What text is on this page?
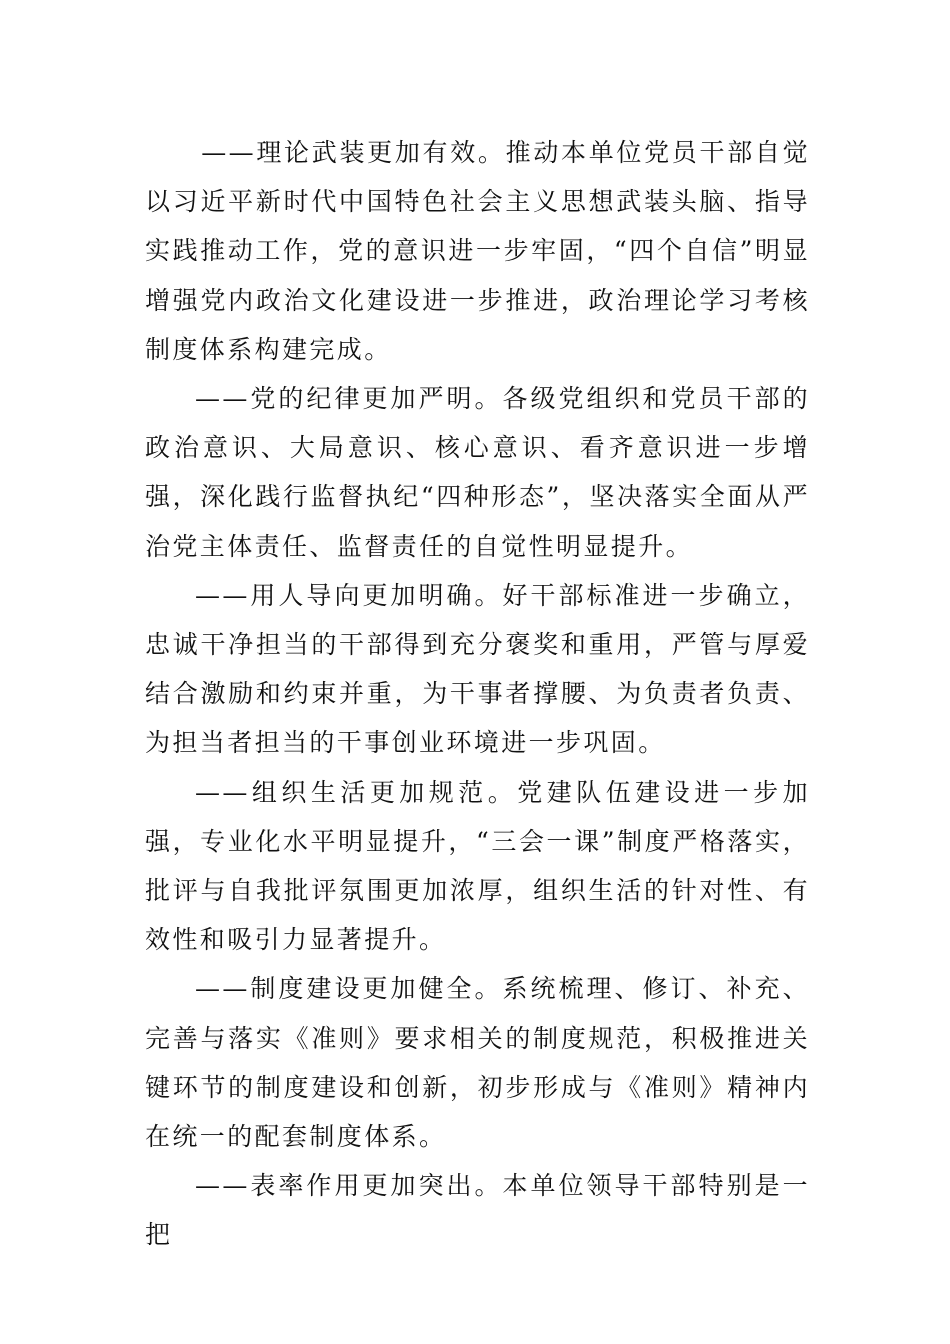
——理论武装更加有效。推动本单位党员干部自觉以习近平新时代中国特色社会主义思想武装头脑、指导实践推动工作，党的意识进一步牢固，“四个自信”明显增强党内政治文化建设进一步推进，政治理论学习考核制度体系构建完成。

——党的纪律更加严明。各级党组织和党员干部的政治意识、大局意识、核心意识、看齐意识进一步增强，深化践行监督执纪“四种形态”，坚决落实全面从严治党主体责任、监督责任的自觉性明显提升。

——用人导向更加明确。好干部标准进一步确立，忠诚干净担当的干部得到充分褒奖和重用，严管与厚爱结合激励和约束并重，为干事者撑腰、为负责者负责、为担当者担当的干事创业环境进一步巩固。

——组织生活更加规范。党建队伍建设进一步加强，专业化水平明显提升，“三会一课”制度严格落实，批评与自我批评氛围更加浓厚，组织生活的针对性、有效性和吸引力显著提升。

——制度建设更加健全。系统梳理、修订、补充、完善与落实《准则》要求相关的制度规范，积极推进关键环节的制度建设和创新，初步形成与《准则》精神内在统一的配套制度体系。

——表率作用更加突出。本单位领导干部特别是一把
